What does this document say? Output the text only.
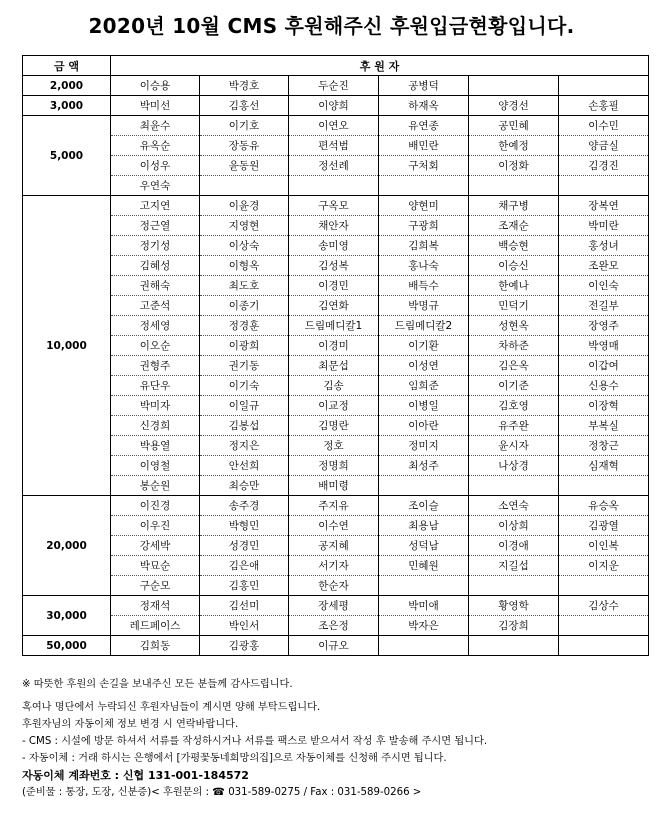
2020년 10월 CMS 후원해주신 후원입금현황입니다.
금 액	후 원 자					
2,000	이승용	박경호	두순진	공병덕		
3,000	박미선	김홍선	이양희	하재옥	양경선	손홍필
5,000	최윤수	이기호	이연오	유연종	공민혜	이수민
	유옥순	장동유	편석범	배민란	한예정	양금실
	이성우	윤동원	정선례	구처회	이정화	김경진
	우연숙					
10,000	고지연	이윤경	구옥모	양현미	채구병	장복연
	정근열	지영현	채안자	구광희	조재순	박미란
	정기성	이상숙	송미영	김희복	백승현	홍성녀
	김혜성	이형옥	김성복	홍나숙	이승신	조완모
	권해숙	최도호	이경민	배득수	한예나	이인숙
	고준석	이종기	김연화	박명규	민덕기	전길부
	정세영	정경훈	드림메디칼1	드림메디칼2	성현옥	장영주
	이오순	이광희	이경미	이기환	차하준	박영매
	권형주	권기동	최문섭	이성연	김은옥	이갑여
	유단우	이기숙	김송	임희준	이기준	신용수
	박미자	이일규	이교정	이병일	김호영	이장혁
	신경희	김봉섭	김명란	이아란	유주완	부복실
	박용열	정지은	정호	정미지	윤시자	정창근
	이영철	안선희	정명희	최성주	나상경	심재혁
	봉순원	최승만	배미령			
20,000	이진경	송주경	주지유	조이슬	소연숙	유승옥
	이우진	박형민	이수연	최용남	이상희	김광열
	강세박	성경민	공지혜	성덕남	이경애	이인복
	박묘순	김은애	서기자	민혜원	지길섭	이지운
	구순모	김홍민	한순자			
30,000	정재석	김선미	장세평	박미애	황영학	김상수
	레드페이스	박인서	조은정	박자은	김장희	
50,000	김희동	김광홍	이규오			
※ 따뜻한 후원의 손길을 보내주신 모든 분들께 감사드립니다.
혹여나 명단에서 누락되신 후원자님들이 계시면 양해 부탁드립니다.
후원자님의 자동이체 정보 변경 시 연락바랍니다.
- CMS : 시설에 방문 하셔서 서류를 작성하시거나 서류를 팩스로 받으셔서 작성 후 발송해 주시면 됩니다.
- 자동이체 : 거래 하시는 은행에서 [가평꽃동네희망의집]으로 자동이체를 신청해 주시면 됩니다.
자동이체 계좌번호 : 신협 131-001-184572
(준비물 : 통장, 도장, 신분증)< 후원문의 : ☎ 031-589-0275 / Fax : 031-589-0266 >
